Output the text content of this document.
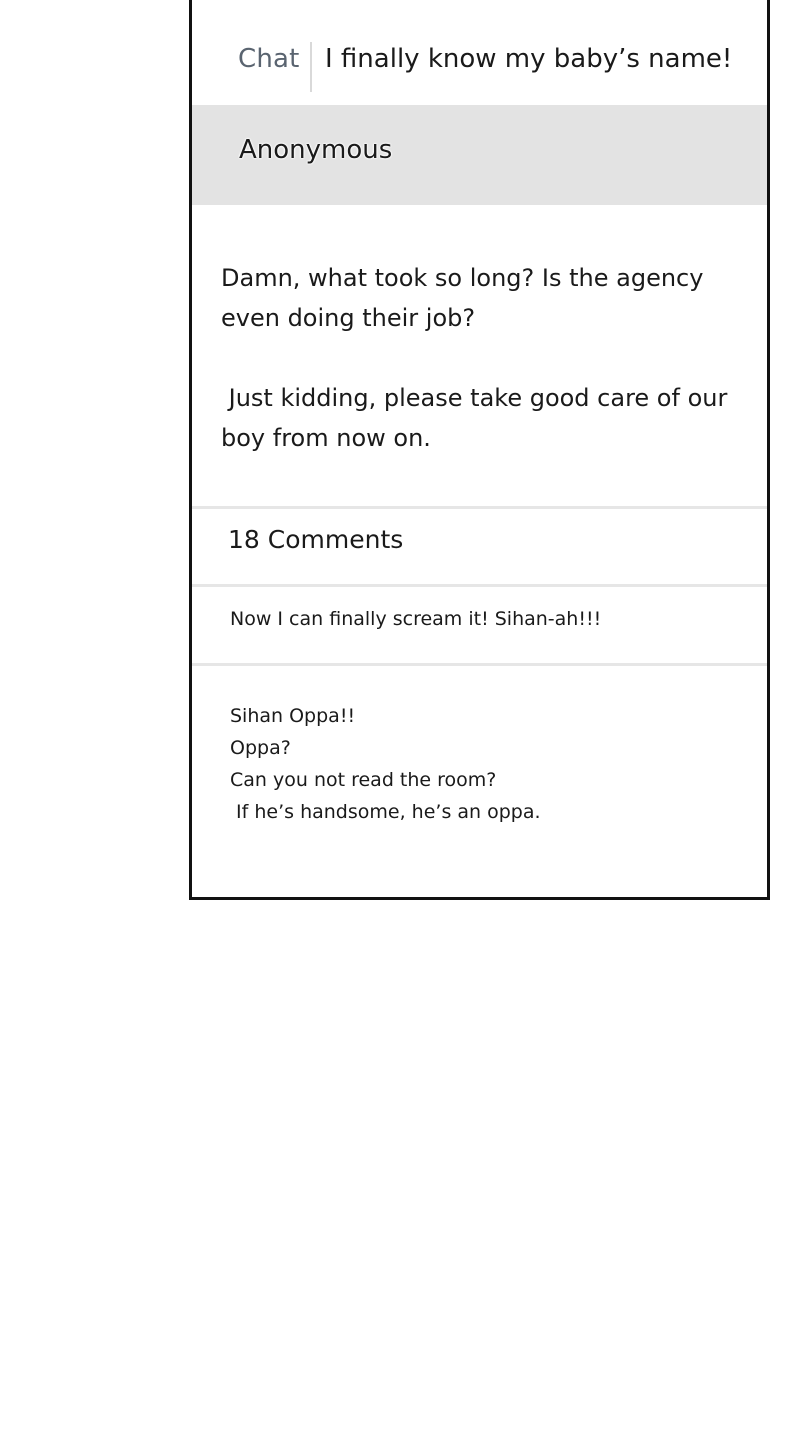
Chat I finally know my baby’s name!
Anonymous

Damn, what took so long? Is the agency even doing their job?

Just kidding, please take good care of our boy from now on.

18 Comments
Now I can finally scream it! Sihan-ah!!!
Sihan Oppa!!
Oppa?
Can you not read the room?
If he’s handsome, he’s an oppa.
